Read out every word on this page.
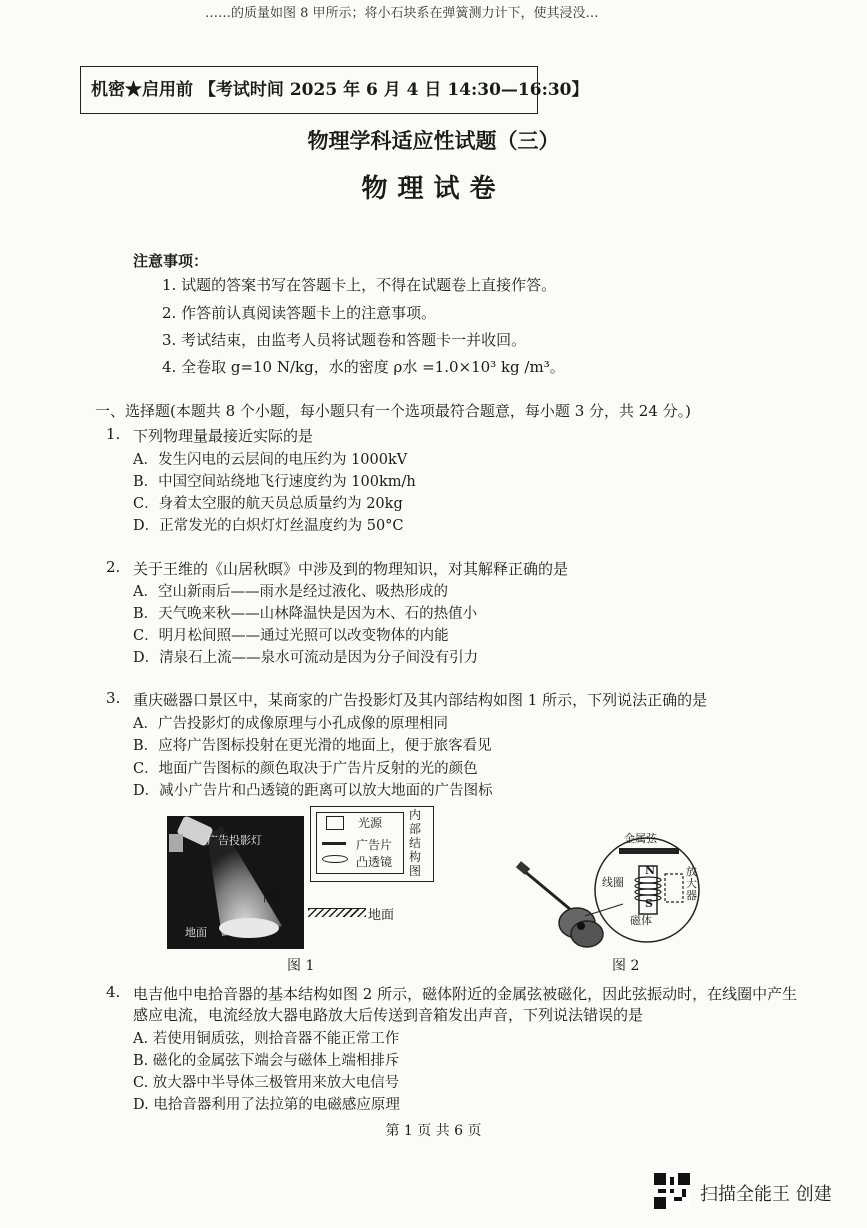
……的质量如图 8 甲所示；将小石块系在弹簧测力计下，使其浸没…
机密★启用前 【考试时间 2025 年 6 月 4 日 14:30—16:30】
物理学科适应性试题（三）
物理试卷
注意事项：
1. 试题的答案书写在答题卡上，不得在试题卷上直接作答。
2. 作答前认真阅读答题卡上的注意事项。
3. 考试结束，由监考人员将试题卷和答题卡一并收回。
4. 全卷取 g=10 N/kg，水的密度 ρ水 =1.0×10³ kg /m³。
一、选择题(本题共 8 个小题，每小题只有一个选项最符合题意，每小题 3 分，共 24 分。)
1. 下列物理量最接近实际的是
A．发生闪电的云层间的电压约为 1000kV
B．中国空间站绕地飞行速度约为 100km/h
C．身着太空服的航天员总质量约为 20kg
D．正常发光的白炽灯灯丝温度约为 50°C
2. 关于王维的《山居秋暝》中涉及到的物理知识，对其解释正确的是
A．空山新雨后——雨水是经过液化、吸热形成的
B．天气晚来秋——山林降温快是因为木、石的热值小
C．明月松间照——通过光照可以改变物体的内能
D．清泉石上流——泉水可流动是因为分子间没有引力
3. 重庆磁器口景区中，某商家的广告投影灯及其内部结构如图 1 所示，下列说法正确的是
A．广告投影灯的成像原理与小孔成像的原理相同
B．应将广告图标投射在更光滑的地面上，便于旅客看见
C．地面广告图标的颜色取决于广告片反射的光的颜色
D．减小广告片和凸透镜的距离可以放大地面的广告图标
广告投影灯
广告图标
地面
光源
广告片
凸透镜
内部结构图
地面
图 1
金属弦
N
S
线圈
磁体
放大器
图 2
4. 电吉他中电拾音器的基本结构如图 2 所示，磁体附近的金属弦被磁化，因此弦振动时，在线圈中产生
感应电流，电流经放大器电路放大后传送到音箱发出声音，下列说法错误的是
A. 若使用铜质弦，则拾音器不能正常工作
B. 磁化的金属弦下端会与磁体上端相排斥
C. 放大器中半导体三极管用来放大电信号
D. 电拾音器利用了法拉第的电磁感应原理
第 1 页 共 6 页
扫描全能王 创建
